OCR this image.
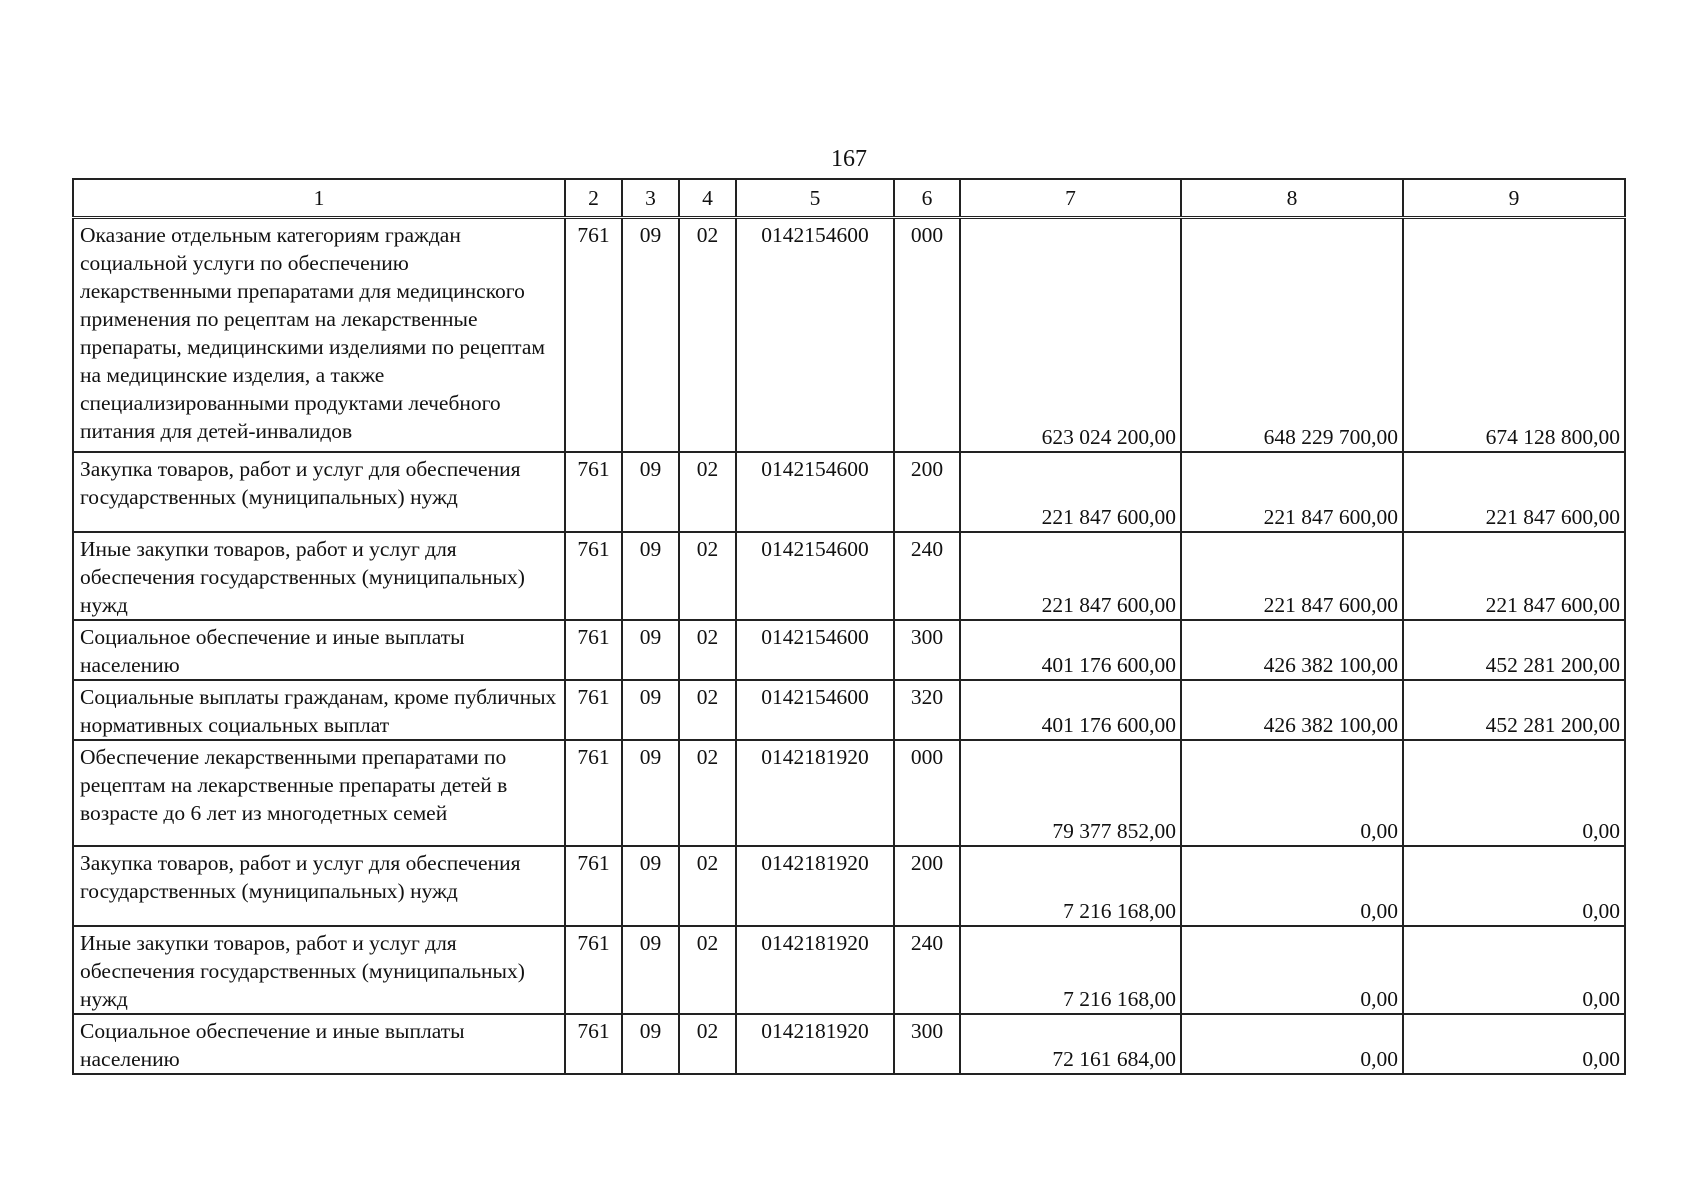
167
1	2	3	4	5	6	7	8	9
Оказание отдельным категориям граждан социальной услуги по обеспечению лекарственными препаратами для медицинского применения по рецептам на лекарственные препараты, медицинскими изделиями по рецептам на медицинские изделия, а также специализированными продуктами лечебного питания для детей-инвалидов	761	09	02	0142154600	000	623 024 200,00	648 229 700,00	674 128 800,00
Закупка товаров, работ и услуг для обеспечения государственных (муниципальных) нужд	761	09	02	0142154600	200	221 847 600,00	221 847 600,00	221 847 600,00
Иные закупки товаров, работ и услуг для обеспечения государственных (муниципальных) нужд	761	09	02	0142154600	240	221 847 600,00	221 847 600,00	221 847 600,00
Социальное обеспечение и иные выплаты населению	761	09	02	0142154600	300	401 176 600,00	426 382 100,00	452 281 200,00
Социальные выплаты гражданам, кроме публичных нормативных социальных выплат	761	09	02	0142154600	320	401 176 600,00	426 382 100,00	452 281 200,00
Обеспечение лекарственными препаратами по рецептам на лекарственные препараты детей в возрасте до 6 лет из многодетных семей	761	09	02	0142181920	000	79 377 852,00	0,00	0,00
Закупка товаров, работ и услуг для обеспечения государственных (муниципальных) нужд	761	09	02	0142181920	200	7 216 168,00	0,00	0,00
Иные закупки товаров, работ и услуг для обеспечения государственных (муниципальных) нужд	761	09	02	0142181920	240	7 216 168,00	0,00	0,00
Социальное обеспечение и иные выплаты населению	761	09	02	0142181920	300	72 161 684,00	0,00	0,00
